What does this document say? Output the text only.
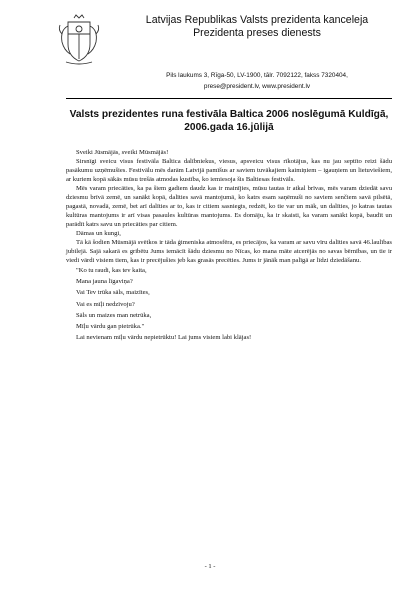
Latvijas Republikas Valsts prezidenta kanceleja
Prezidenta preses dienests
Pils laukums 3, Rīga-50, LV-1900, tālr. 7092122, fakss 7320404,
prese@president.lv, www.president.lv
Valsts prezidentes runa festivāla Baltica 2006 noslēgumā Kuldīgā,
2006.gada 16.jūlijā

Sveiki Jūsmājās, sveiki Mūsmājās!

Sirsnīgi sveicu visus festivāla Baltica dalībniekus, viesus, apsveicu visus rīkotājus, kas nu jau septīto reizi šādu pasākumu uzņēmušies. Festivālu mēs darām Latvijā pamīšus ar saviem tuvākajiem kaimiņiem – igauņiem un lietuviešiem, ar kuriem kopā sākās mūsu trešās atmodas kustība, ko iemiesoja šis Baltiesas festivāls.

Mēs varam priecāties, ka pa šiem gadiem daudz kas ir mainījies, mūsu tautas ir atkal brīvas, mēs varam dziedāt savu dziesmu brīvā zemē, un sanākt kopā, dalīties savā mantojumā, ko katrs esam saņēmuši no saviem senčiem savā pilsētā, pagastā, novadā, zemē, bet arī dalīties ar to, kas ir citiem sasniegts, redzēt, ko tie var un māk, un dalīties, jo katras tautas kultūras mantojums ir arī visas pasaules kultūras mantojums. Es domāju, ka ir skaisti, ka varam sanākt kopā, baudīt un parādīt katrs savu un priecāties par citiem.

Dāmas un kungi,

Tā kā šodien Mūsmājā svētkos ir tāda ģimeniska atmosfēra, es priecājos, ka varam ar savu vīru dalīties savā 46.laulības jubilejā. Sajā sakarā es gribētu Jums iemācīt šādu dziesmu no Nīcas, ko mana māte atcerējās no savas bērnības, un tie ir viedi vārdi visiem tiem, kas ir precējušies jeb kas grasās precēties. Jums ir jānāk man palīgā ar līdzi dziedāšanu.

"Ko tu raudi, kas tev kaita,
Mana jauna līgaviņa?
Vai Tev trūka sāls, maizītes,
Vai es mīļi nedzīvoju?
Sāls un maizes man netrūka,
Mīļu vārdu gan pietrūka."
Lai nevienam mīļu vārdu nepietrūktu! Lai jums visiem labi klājas!
- 1 -
